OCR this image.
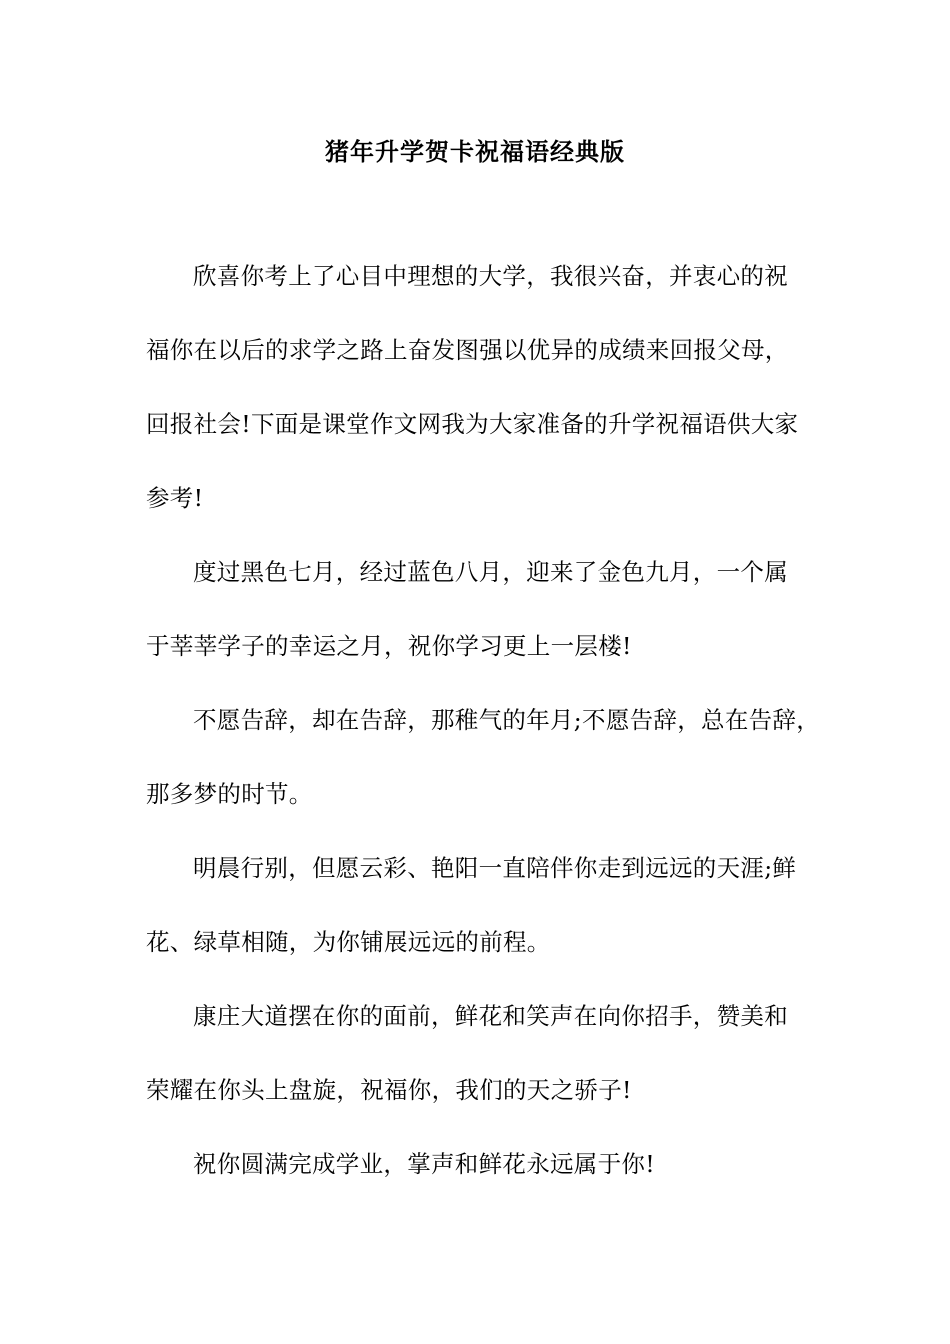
猪年升学贺卡祝福语经典版

欣喜你考上了心目中理想的大学，我很兴奋，并衷心的祝
福你在以后的求学之路上奋发图强以优异的成绩来回报父母，
回报社会!下面是课堂作文网我为大家准备的升学祝福语供大家
参考!

度过黑色七月，经过蓝色八月，迎来了金色九月，一个属
于莘莘学子的幸运之月，祝你学习更上一层楼!

不愿告辞，却在告辞，那稚气的年月;不愿告辞，总在告辞，
那多梦的时节。

明晨行别，但愿云彩、艳阳一直陪伴你走到远远的天涯;鲜
花、绿草相随，为你铺展远远的前程。

康庄大道摆在你的面前，鲜花和笑声在向你招手，赞美和
荣耀在你头上盘旋，祝福你，我们的天之骄子!

祝你圆满完成学业，掌声和鲜花永远属于你!
